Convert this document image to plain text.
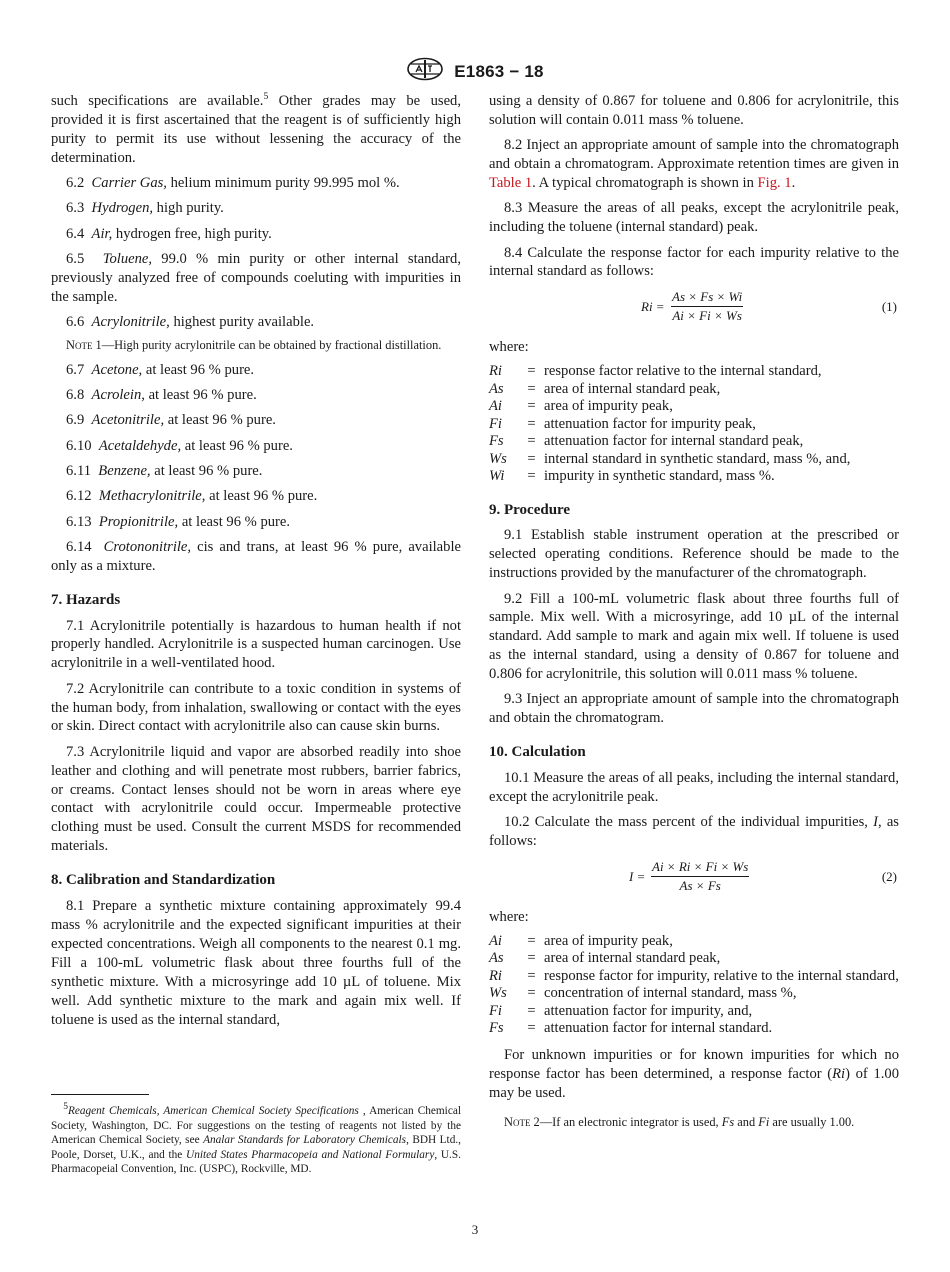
E1863 − 18

such specifications are available.$^5$ Other grades may be used, provided it is first ascertained that the reagent is of sufficiently high purity to permit its use without lessening the accuracy of the determination.

6.2 Carrier Gas, helium minimum purity 99.995 mol %.

6.3 Hydrogen, high purity.

6.4 Air, hydrogen free, high purity.

6.5 Toluene, 99.0 % min purity or other internal standard, previously analyzed free of compounds coeluting with impurities in the sample.

6.6 Acrylonitrile, highest purity available.

Note 1—High purity acrylonitrile can be obtained by fractional distillation.

6.7 Acetone, at least 96 % pure.

6.8 Acrolein, at least 96 % pure.

6.9 Acetonitrile, at least 96 % pure.

6.10 Acetaldehyde, at least 96 % pure.

6.11 Benzene, at least 96 % pure.

6.12 Methacrylonitrile, at least 96 % pure.

6.13 Propionitrile, at least 96 % pure.

6.14 Crotononitrile, cis and trans, at least 96 % pure, available only as a mixture.

7. Hazards

7.1 Acrylonitrile potentially is hazardous to human health if not properly handled. Acrylonitrile is a suspected human carcinogen. Use acrylonitrile in a well-ventilated hood.

7.2 Acrylonitrile can contribute to a toxic condition in systems of the human body, from inhalation, swallowing or contact with the eyes or skin. Direct contact with acrylonitrile also can cause skin burns.

7.3 Acrylonitrile liquid and vapor are absorbed readily into shoe leather and clothing and will penetrate most rubbers, barrier fabrics, or creams. Contact lenses should not be worn in areas where eye contact with acrylonitrile could occur. Impermeable protective clothing must be used. Consult the current MSDS for recommended materials.

8. Calibration and Standardization

8.1 Prepare a synthetic mixture containing approximately 99.4 mass % acrylonitrile and the expected significant impurities at their expected concentrations. Weigh all components to the nearest 0.1 mg. Fill a 100-mL volumetric flask about three fourths full of the synthetic mixture. With a microsyringe add 10 µL of toluene. Mix well. Add synthetic mixture to the mark and again mix well. If toluene is used as the internal standard,

$^5$Reagent Chemicals, American Chemical Society Specifications , American Chemical Society, Washington, DC. For suggestions on the testing of reagents not listed by the American Chemical Society, see Analar Standards for Laboratory Chemicals, BDH Ltd., Poole, Dorset, U.K., and the United States Pharmacopeia and National Formulary, U.S. Pharmacopeial Convention, Inc. (USPC), Rockville, MD.

using a density of 0.867 for toluene and 0.806 for acrylonitrile, this solution will contain 0.011 mass % toluene.

8.2 Inject an appropriate amount of sample into the chromatograph and obtain a chromatogram. Approximate retention times are given in Table 1. A typical chromatograph is shown in Fig. 1.

8.3 Measure the areas of all peaks, except the acrylonitrile peak, including the toluene (internal standard) peak.

8.4 Calculate the response factor for each impurity relative to the internal standard as follows:

$Ri = \frac{As \times Fs \times Wi}{Ai \times Fi \times Ws}$	(1)

where:

Ri	=	response factor relative to the internal standard,
As	=	area of internal standard peak,
Ai	=	area of impurity peak,
Fi	=	attenuation factor for impurity peak,
Fs	=	attenuation factor for internal standard peak,
Ws	=	internal standard in synthetic standard, mass %, and,
Wi	=	impurity in synthetic standard, mass %.
9. Procedure

9.1 Establish stable instrument operation at the prescribed or selected operating conditions. Reference should be made to the instructions provided by the manufacturer of the chromatograph.

9.2 Fill a 100-mL volumetric flask about three fourths full of sample. Mix well. With a microsyringe, add 10 µL of the internal standard. Add sample to mark and again mix well. If toluene is used as the internal standard, using a density of 0.867 for toluene and 0.806 for acrylonitrile, this solution will 0.011 mass % toluene.

9.3 Inject an appropriate amount of sample into the chromatograph and obtain the chromatogram.

10. Calculation

10.1 Measure the areas of all peaks, including the internal standard, except the acrylonitrile peak.

10.2 Calculate the mass percent of the individual impurities, I, as follows:

$I = \frac{Ai \times Ri \times Fi \times Ws}{As \times Fs}$	(2)

where:

Ai	=	area of impurity peak,
As	=	area of internal standard peak,
Ri	=	response factor for impurity, relative to the internal standard,
Ws	=	concentration of internal standard, mass %,
Fi	=	attenuation factor for impurity, and,
Fs	=	attenuation factor for internal standard.

For unknown impurities or for known impurities for which no response factor has been determined, a response factor (Ri) of 1.00 may be used.

Note 2—If an electronic integrator is used, Fs and Fi are usually 1.00.
3
